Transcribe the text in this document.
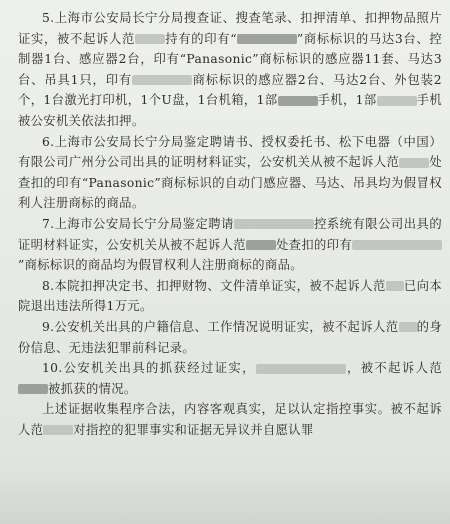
5.上海市公安局长宁分局搜查证、搜查笔录、扣押清单、扣押物品照片证实，被不起诉人范 持有的印有“	”商标标识的马达3台、控制器1台、感应器2台，印有“Panasonic”商标标识的感应器11套、马达3台、吊具1只，印有	商标标识的感应器2台、马达2台、外包装2个，1台激光打印机，1个U盘，1台机箱，1部	手机，1部	手机被公安机关依法扣押。

6.上海市公安局长宁分局鉴定聘请书、授权委托书、松下电器（中国）有限公司广州分公司出具的证明材料证实，公安机关从被不起诉人范 处查扣的印有“Panasonic”商标标识的自动门感应器、马达、吊具均为假冒权利人注册商标的商品。

7.上海市公安局长宁分局鉴定聘请	控系统有限公司出具的证明材料证实，公安机关从被不起诉人范 处查扣的印有”商标标识的商品均为假冒权利人注册商标的商品。

8.本院扣押决定书、扣押财物、文件清单证实，被不起诉人范 已向本院退出违法所得1万元。

9.公安机关出具的户籍信息、工作情况说明证实，被不起诉人范 的身份信息、无违法犯罪前科记录。

10.公安机关出具的抓获经过证实，	，被不起诉人范被抓获的情况。

上述证据收集程序合法，内容客观真实，足以认定指控事实。被不起诉人范 对指控的犯罪事实和证据无异议并自愿认罪
